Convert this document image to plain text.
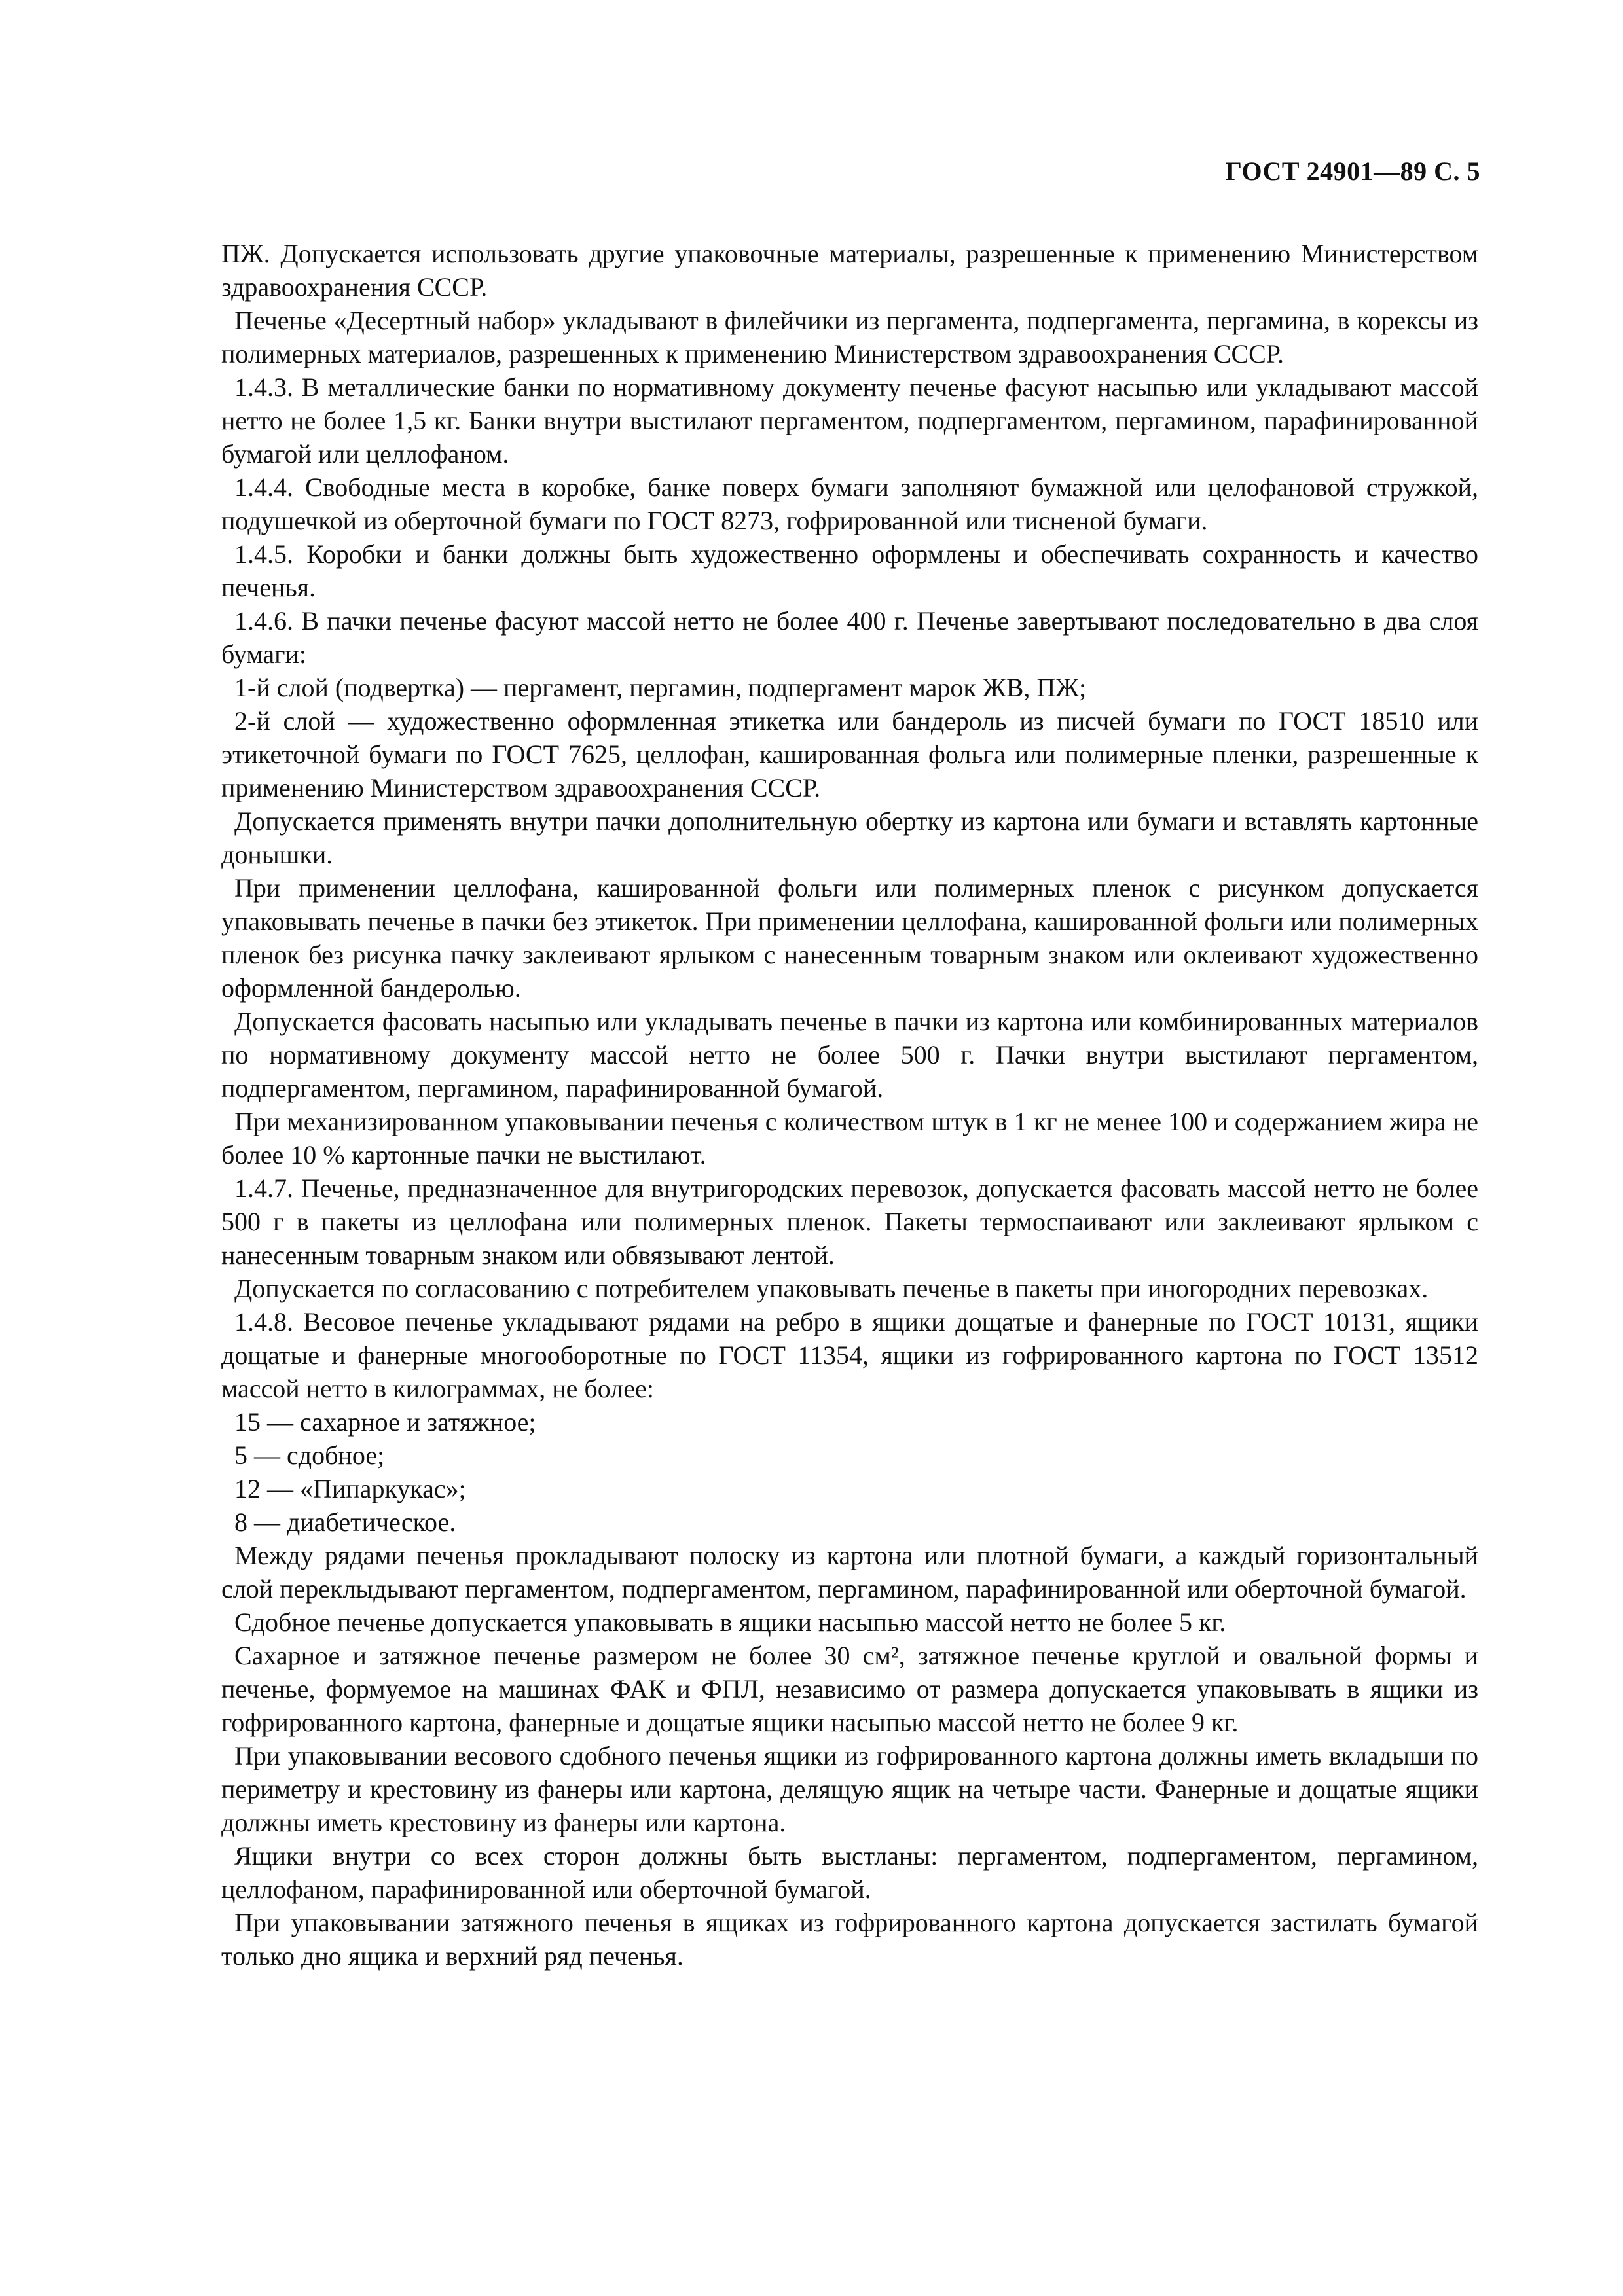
ГОСТ 24901—89 С. 5

ПЖ. Допускается использовать другие упаковочные материалы, разрешенные к применению Министерством здравоохранения СССР.

Печенье «Десертный набор» укладывают в филейчики из пергамента, подпергамента, пергамина, в корексы из полимерных материалов, разрешенных к применению Министерством здравоохранения СССР.

1.4.3. В металлические банки по нормативному документу печенье фасуют насыпью или укладывают массой нетто не более 1,5 кг. Банки внутри выстилают пергаментом, подпергаментом, пергамином, парафинированной бумагой или целлофаном.

1.4.4. Свободные места в коробке, банке поверх бумаги заполняют бумажной или целофановой стружкой, подушечкой из оберточной бумаги по ГОСТ 8273, гофрированной или тисненой бумаги.

1.4.5. Коробки и банки должны быть художественно оформлены и обеспечивать сохранность и качество печенья.

1.4.6. В пачки печенье фасуют массой нетто не более 400 г. Печенье завертывают последовательно в два слоя бумаги:

1-й слой (подвертка) — пергамент, пергамин, подпергамент марок ЖВ, ПЖ;

2-й слой — художественно оформленная этикетка или бандероль из писчей бумаги по ГОСТ 18510 или этикеточной бумаги по ГОСТ 7625, целлофан, кашированная фольга или полимерные пленки, разрешенные к применению Министерством здравоохранения СССР.

Допускается применять внутри пачки дополнительную обертку из картона или бумаги и вставлять картонные донышки.

При применении целлофана, кашированной фольги или полимерных пленок с рисунком допускается упаковывать печенье в пачки без этикеток. При применении целлофана, кашированной фольги или полимерных пленок без рисунка пачку заклеивают ярлыком с нанесенным товарным знаком или оклеивают художественно оформленной бандеролью.

Допускается фасовать насыпью или укладывать печенье в пачки из картона или комбинированных материалов по нормативному документу массой нетто не более 500 г. Пачки внутри выстилают пергаментом, подпергаментом, пергамином, парафинированной бумагой.

При механизированном упаковывании печенья с количеством штук в 1 кг не менее 100 и содержанием жира не более 10 % картонные пачки не выстилают.

1.4.7. Печенье, предназначенное для внутригородских перевозок, допускается фасовать массой нетто не более 500 г в пакеты из целлофана или полимерных пленок. Пакеты термоспаивают или заклеивают ярлыком с нанесенным товарным знаком или обвязывают лентой.

Допускается по согласованию с потребителем упаковывать печенье в пакеты при иногородних перевозках.

1.4.8. Весовое печенье укладывают рядами на ребро в ящики дощатые и фанерные по ГОСТ 10131, ящики дощатые и фанерные многооборотные по ГОСТ 11354, ящики из гофрированного картона по ГОСТ 13512 массой нетто в килограммах, не более:

15 — сахарное и затяжное;

5 — сдобное;

12 — «Пипаркукас»;

8 — диабетическое.

Между рядами печенья прокладывают полоску из картона или плотной бумаги, а каждый горизонтальный слой переклыдывают пергаментом, подпергаментом, пергамином, парафинированной или оберточной бумагой.

Сдобное печенье допускается упаковывать в ящики насыпью массой нетто не более 5 кг.

Сахарное и затяжное печенье размером не более 30 см², затяжное печенье круглой и овальной формы и печенье, формуемое на машинах ФАК и ФПЛ, независимо от размера допускается упаковывать в ящики из гофрированного картона, фанерные и дощатые ящики насыпью массой нетто не более 9 кг.

При упаковывании весового сдобного печенья ящики из гофрированного картона должны иметь вкладыши по периметру и крестовину из фанеры или картона, делящую ящик на четыре части. Фанерные и дощатые ящики должны иметь крестовину из фанеры или картона.

Ящики внутри со всех сторон должны быть выстланы: пергаментом, подпергаментом, пергамином, целлофаном, парафинированной или оберточной бумагой.

При упаковывании затяжного печенья в ящиках из гофрированного картона допускается застилать бумагой только дно ящика и верхний ряд печенья.
